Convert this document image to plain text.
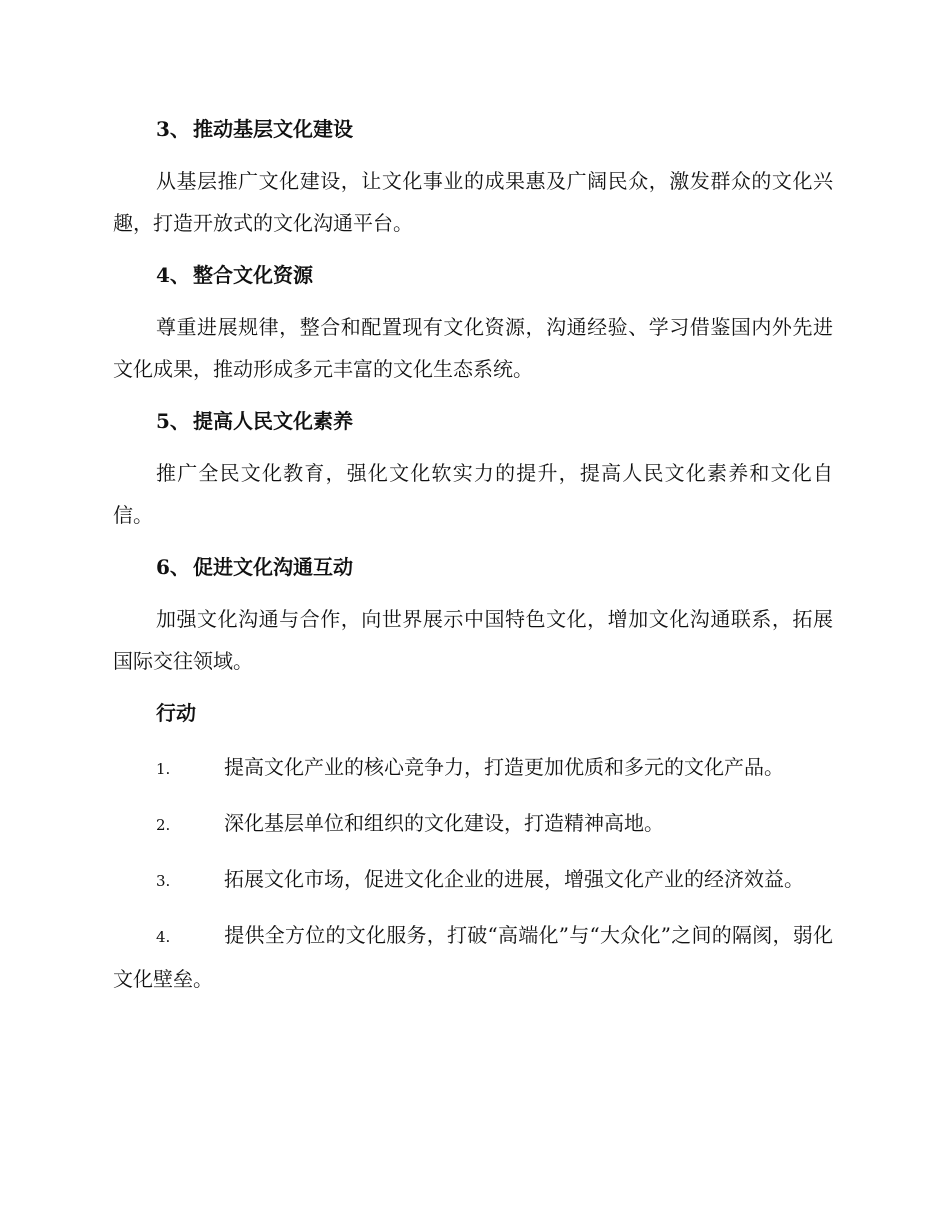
3、 推动基层文化建设

从基层推广文化建设，让文化事业的成果惠及广阔民众，激发群众的文化兴趣，打造开放式的文化沟通平台。

4、 整合文化资源

尊重进展规律，整合和配置现有文化资源，沟通经验、学习借鉴国内外先进文化成果，推动形成多元丰富的文化生态系统。

5、 提高人民文化素养

推广全民文化教育，强化文化软实力的提升，提高人民文化素养和文化自信。

6、 促进文化沟通互动

加强文化沟通与合作，向世界展示中国特色文化，增加文化沟通联系，拓展国际交往领域。

行动

1.	提高文化产业的核心竞争力，打造更加优质和多元的文化产品。

2.	深化基层单位和组织的文化建设，打造精神高地。

3.	拓展文化市场，促进文化企业的进展，增强文化产业的经济效益。

4.	提供全方位的文化服务，打破“高端化”与“大众化”之间的隔阂，弱化文化壁垒。
